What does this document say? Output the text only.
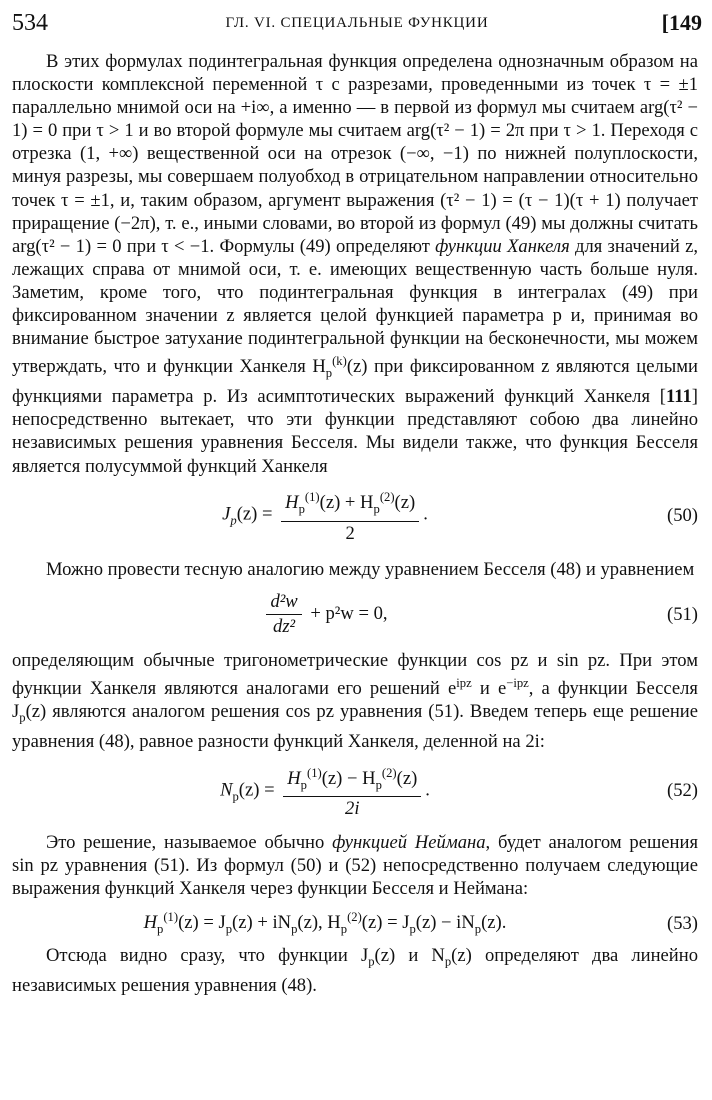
534	ГЛ. VI. СПЕЦИАЛЬНЫЕ ФУНКЦИИ	[149

В этих формулах подинтегральная функция определена однозначным образом на плоскости комплексной переменной τ с разрезами, проведенными из точек τ = ±1 параллельно мнимой оси на +i∞, а именно — в первой из формул мы считаем arg(τ² − 1) = 0 при τ > 1 и во второй формуле мы считаем arg(τ² − 1) = 2π при τ > 1. Переходя с отрезка (1, +∞) вещественной оси на отрезок (−∞, −1) по нижней полуплоскости, минуя разрезы, мы совершаем полуобход в отрицательном направлении относительно точек τ = ±1, и, таким образом, аргумент выражения (τ² − 1) = (τ − 1)(τ + 1) получает приращение (−2π), т. е., иными словами, во второй из формул (49) мы должны считать arg(τ² − 1) = 0 при τ < −1. Формулы (49) определяют функции Ханкеля для значений z, лежащих справа от мнимой оси, т. е. имеющих вещественную часть больше нуля. Заметим, кроме того, что подинтегральная функция в интегралах (49) при фиксированном значении z является целой функцией параметра p и, принимая во внимание быстрое затухание подинтегральной функции на бесконечности, мы можем утверждать, что и функции Ханкеля $H_p^{(k)}(z)$ при фиксированном z являются целыми функциями параметра p. Из асимптотических выражений функций Ханкеля [111] непосредственно вытекает, что эти функции представляют собою два линейно независимых решения уравнения Бесселя. Мы видели также, что функция Бесселя является полусуммой функций Ханкеля

$J_p(z) = \frac{H_p^{(1)}(z) + H_p^{(2)}(z)}{2}$ .	(50)

Можно провести тесную аналогию между уравнением Бесселя (48) и уравнением

$\frac{\text{d²w}}{\text{dz²}} + p^2w = 0$,	(51)

определяющим обычные тригонометрические функции cos pz и sin pz. При этом функции Ханкеля являются аналогами его решений $e^{ipz}$ и $e^{-ipz}$, а функции Бесселя $J_p(z)$ являются аналогом решения cos pz уравнения (51). Введем теперь еще решение уравнения (48), равное разности функций Ханкеля, деленной на 2i:

$N_p(z) = \frac{H_p^{(1)}(z) - H_p^{(2)}(z)}{2i}$ .	(52)

Это решение, называемое обычно функцией Неймана, будет аналогом решения sin pz уравнения (51). Из формул (50) и (52) непосредственно получаем следующие выражения функций Ханкеля через функции Бесселя и Неймана:

$H_p^{(1)}(z) = J_p(z) + iN_p(z)$, $H_p^{(2)}(z) = J_p(z) - iN_p(z)$.	(53)

Отсюда видно сразу, что функции $J_p(z)$ и $N_p(z)$ определяют два линейно независимых решения уравнения (48).
